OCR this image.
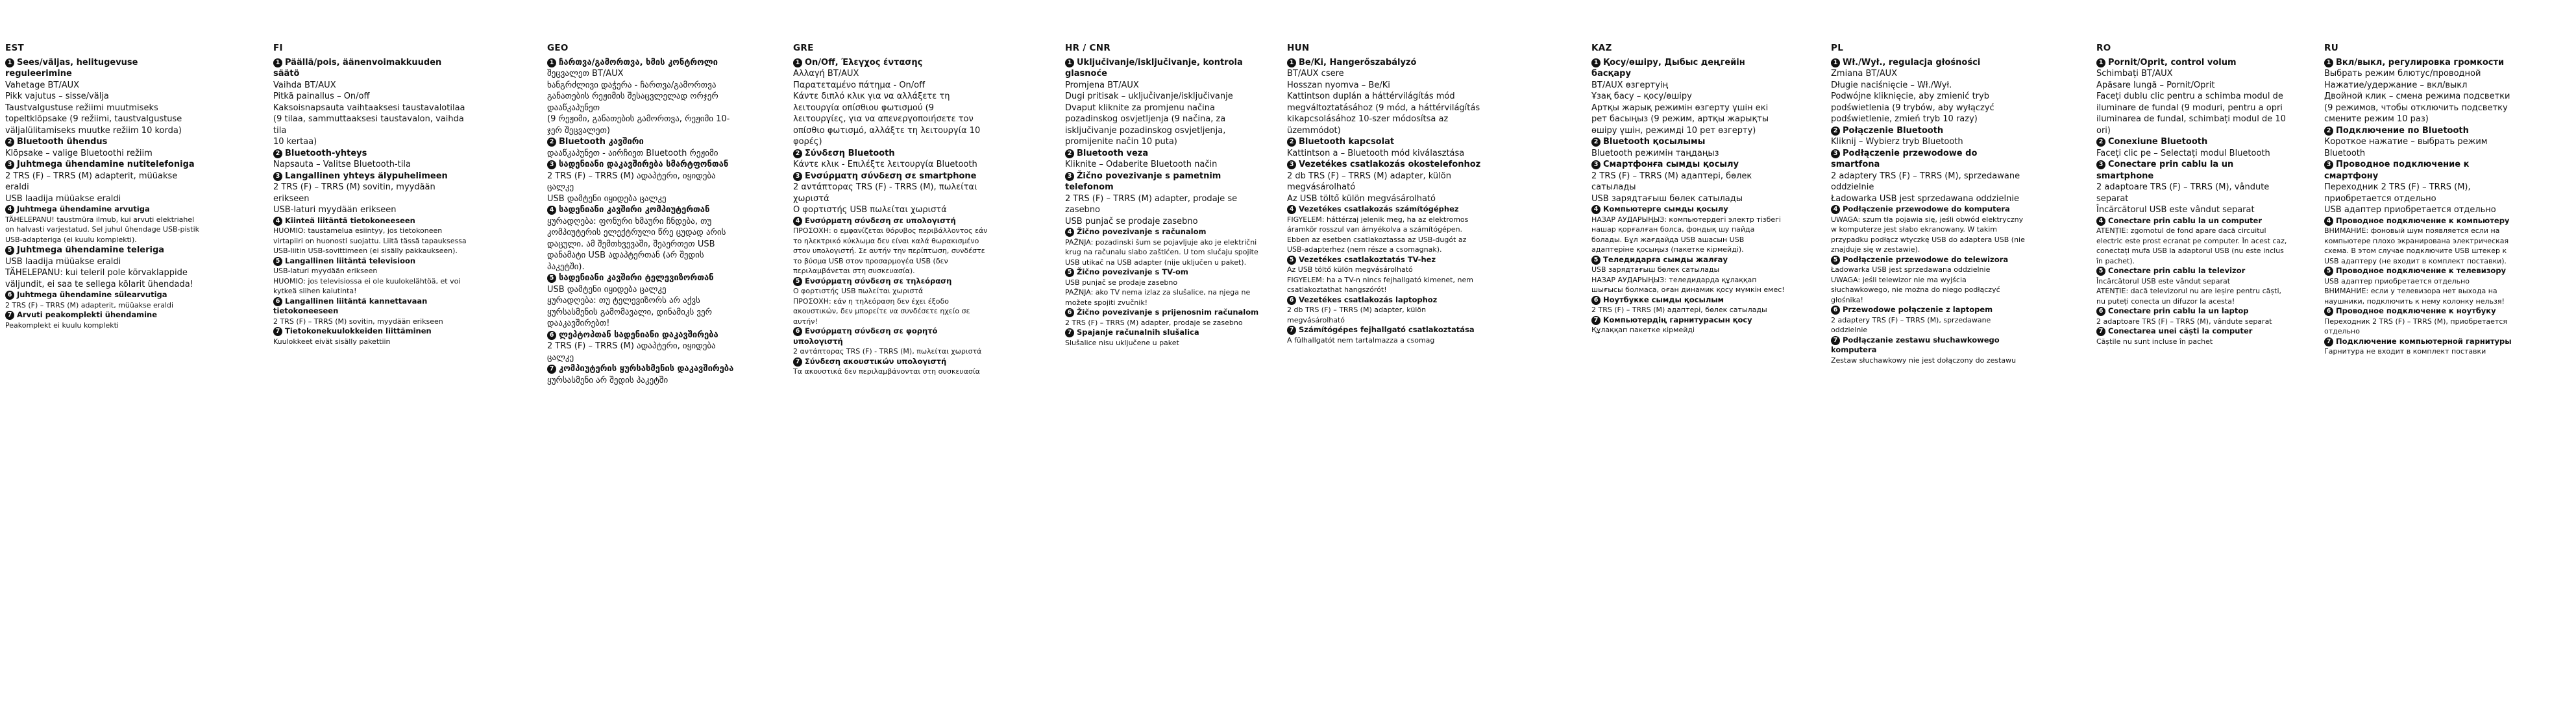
EST
1 Sees/väljas, helitugevuse reguleerimine
Vahetage BT/AUX
Pikk vajutus – sisse/välja
Taustvalgustuse režiimi muutmiseks topeltklõpsake (9 režiimi, taustvalgustuse väljalülitamiseks muutke režiim 10 korda)
2 Bluetooth ühendus
Klõpsake – valige Bluetoothi režiim
3 Juhtmega ühendamine nutitelefoniga
2 TRS (F) – TRRS (M) adapterit, müüakse eraldi
USB laadija müüakse eraldi
4 Juhtmega ühendamine arvutiga
TÄHELEPANU! taustmüra ilmub, kui arvuti elektriahel on halvasti varjestatud. Sel juhul ühendage USB-pistik USB-adapteriga (ei kuulu komplekti).
5 Juhtmega ühendamine teleriga
USB laadija müüakse eraldi
TÄHELEPANU: kui teleril pole kõrvaklappide väljundit, ei saa te sellega kõlarit ühendada!
6 Juhtmega ühendamine sülearvutiga
2 TRS (F) – TRRS (M) adapterit, müüakse eraldi
7 Arvuti peakomplekti ühendamine
Peakomplekt ei kuulu komplekti
FI
1 Päällä/pois, äänenvoimakkuuden säätö
Vaihda BT/AUX
Pitkä painallus – On/off
Kaksoisnapsauta vaihtaaksesi taustavalotilaa
(9 tilaa, sammuttaaksesi taustavalon, vaihda tila
10 kertaa)
2 Bluetooth-yhteys
Napsauta – Valitse Bluetooth-tila
3 Langallinen yhteys älypuhelimeen
2 TRS (F) – TRRS (M) sovitin, myydään erikseen
USB-laturi myydään erikseen
4 Kiinteä liitäntä tietokoneeseen
HUOMIO: taustamelua esiintyy, jos tietokoneen virtapiiri on huonosti suojattu. Liitä tässä tapauksessa USB-liitin USB-sovittimeen (ei sisälly pakkaukseen).
5 Langallinen liitäntä televisioon
USB-laturi myydään erikseen
HUOMIO: jos televisiossa ei ole kuulokelähtöä, et voi kytkeä siihen kaiutinta!
6 Langallinen liitäntä kannettavaan tietokoneeseen
2 TRS (F) – TRRS (M) sovitin, myydään erikseen
7 Tietokonekuulokkeiden liittäminen
Kuulokkeet eivät sisälly pakettiin
GEO
1 ჩართვა/გამორთვა, ხმის კონტროლი
შეცვალეთ BT/AUX
ხანგრძლივი დაჭერა - ჩართვა/გამორთვა
განათების რეჟიმის შესაცვლელად ორჯერ დააწკაპუნეთ
(9 რეჟიმი, განათების გამორთვა, რეჟიმი 10-ჯერ შეცვალეთ)
2 Bluetooth კავშირი
დააწკაპუნეთ - აირჩიეთ Bluetooth რეჟიმი
3 სადენიანი დაკავშირება სმარტფონთან
2 TRS (F) – TRRS (M) ადაპტერი, იყიდება ცალკე
USB დამტენი იყიდება ცალკე
4 სადენიანი კავშირი კომპიუტერთან
ყურადღება: ფონური ხმაური ჩნდება, თუ კომპიუტერის ელექტრული წრე ცუდად არის დაცული. ამ შემთხვევაში, შეაერთეთ USB დანამატი USB ადაპტერთან (არ შედის პაკეტში).
5 სადენიანი კავშირი ტელევიზორთან
USB დამტენი იყიდება ცალკე
ყურადღება: თუ ტელევიზორს არ აქვს ყურსასმენის გამომავალი, დინამიკს ვერ დააკავშირებთ!
6 ლეპტოპთან სადენიანი დაკავშირება
2 TRS (F) – TRRS (M) ადაპტერი, იყიდება ცალკე
7 კომპიუტერის ყურსასმენის დაკავშირება
ყურსასმენი არ შედის პაკეტში
GRE
1 On/Off, Έλεγχος έντασης
Αλλαγή BT/AUX
Παρατεταμένο πάτημα - On/off
Κάντε διπλό κλικ για να αλλάξετε τη λειτουργία οπίσθιου φωτισμού (9 λειτουργίες, για να απενεργοποιήσετε τον οπίσθιο φωτισμό, αλλάξτε τη λειτουργία 10 φορές)
2 Σύνδεση Bluetooth
Κάντε κλικ - Επιλέξτε λειτουργία Bluetooth
3 Ενσύρματη σύνδεση σε smartphone
2 αντάπτορας TRS (F) - TRRS (M), πωλείται χωριστά
Ο φορτιστής USB πωλείται χωριστά
4 Ενσύρματη σύνδεση σε υπολογιστή
ΠΡΟΣΟΧΗ: ο εμφανίζεται θόρυβος περιβάλλοντος εάν το ηλεκτρικό κύκλωμα δεν είναι καλά θωρακισμένο στον υπολογιστή. Σε αυτήν την περίπτωση, συνδέστε το βύσμα USB στον προσαρμογέα USB (δεν περιλαμβάνεται στη συσκευασία).
5 Ενσύρματη σύνδεση σε τηλεόραση
Ο φορτιστής USB πωλείται χωριστά
ΠΡΟΣΟΧΗ: εάν η τηλεόραση δεν έχει έξοδο ακουστικών, δεν μπορείτε να συνδέσετε ηχείο σε αυτήν!
6 Ενσύρματη σύνδεση σε φορητό υπολογιστή
2 αντάπτορας TRS (F) - TRRS (M), πωλείται χωριστά
7 Σύνδεση ακουστικών υπολογιστή
Τα ακουστικά δεν περιλαμβάνονται στη συσκευασία
HR / CNR
1 Uključivanje/isključivanje, kontrola glasnoće
Promjena BT/AUX
Dugi pritisak – uključivanje/isključivanje
Dvaput kliknite za promjenu načina pozadinskog osvjetljenja (9 načina, za isključivanje pozadinskog osvjetljenja, promijenite način 10 puta)
2 Bluetooth veza
Kliknite – Odaberite Bluetooth način
3 Žično povezivanje s pametnim telefonom
2 TRS (F) – TRRS (M) adapter, prodaje se zasebno
USB punjač se prodaje zasebno
4 Žično povezivanje s računalom
PAŽNJA: pozadinski šum se pojavljuje ako je električni krug na računalu slabo zaštićen. U tom slučaju spojite USB utikač na USB adapter (nije uključen u paket).
5 Žično povezivanje s TV-om
USB punjač se prodaje zasebno
PAŽNJA: ako TV nema izlaz za slušalice, na njega ne možete spojiti zvučnik!
6 Žično povezivanje s prijenosnim računalom
2 TRS (F) – TRRS (M) adapter, prodaje se zasebno
7 Spajanje računalnih slušalica
Slušalice nisu uključene u paket
HUN
1 Be/Ki, Hangerőszabályzó
BT/AUX csere
Hosszan nyomva – Be/Ki
Kattintson duplán a háttérvilágítás mód megváltoztatásához (9 mód, a háttérvilágítás kikapcsolásához 10-szer módosítsa az üzemmódot)
2 Bluetooth kapcsolat
Kattintson a – Bluetooth mód kiválasztása
3 Vezetékes csatlakozás okostelefonhoz
2 db TRS (F) – TRRS (M) adapter, külön megvásárolható
Az USB töltő külön megvásárolható
4 Vezetékes csatlakozás számítógéphez
FIGYELEM: háttérzaj jelenik meg, ha az elektromos áramkör rosszul van árnyékolva a számítógépen. Ebben az esetben csatlakoztassa az USB-dugót az USB-adapterhez (nem része a csomagnak).
5 Vezetékes csatlakoztatás TV-hez
Az USB töltő külön megvásárolható
FIGYELEM: ha a TV-n nincs fejhallgató kimenet, nem csatlakoztathat hangszórót!
6 Vezetékes csatlakozás laptophoz
2 db TRS (F) – TRRS (M) adapter, külön megvásárolható
7 Számítógépes fejhallgató csatlakoztatása
A fülhallgatót nem tartalmazza a csomag
KAZ
1 Қосу/өшіру, Дыбыс деңгейін басқару
BT/AUX өзгертуің
Ұзақ басу – қосу/өшіру
Артқы жарық режимін өзгерту үшін екі рет басыңыз (9 режим, артқы жарықты өшіру үшін, режимді 10 рет өзгерту)
2 Bluetooth қосылымы
Bluetooth режимін таңдаңыз
3 Смартфонға сымды қосылу
2 TRS (F) – TRRS (M) адаптері, бөлек сатылады
USB зарядтағыш бөлек сатылады
4 Компьютерге сымды қосылу
НАЗАР АУДАРЫҢЫЗ: компьютердегі электр тізбегі нашар қорғалған болса, фондық шу пайда болады. Бұл жағдайда USB ашасын USB адаптеріне қосыңыз (пакетке кірмейді).
5 Теледидарға сымды жалғау
USB зарядтағыш бөлек сатылады
НАЗАР АУДАРЫҢЫЗ: теледидарда құлаққап шығысы болмаса, оған динамик қосу мүмкін емес!
6 Ноутбукке сымды қосылым
2 TRS (F) – TRRS (M) адаптері, бөлек сатылады
7 Компьютердің гарнитурасын қосу
Құлаққап пакетке кірмейді
PL
1 Wł./Wył., regulacja głośności
Zmiana BT/AUX
Długie naciśnięcie – Wł./Wył.
Podwójne kliknięcie, aby zmienić tryb podświetlenia (9 trybów, aby wyłączyć podświetlenie, zmień tryb 10 razy)
2 Połączenie Bluetooth
Kliknij – Wybierz tryb Bluetooth
3 Podłączenie przewodowe do smartfona
2 adaptery TRS (F) – TRRS (M), sprzedawane oddzielnie
Ładowarka USB jest sprzedawana oddzielnie
4 Podłączenie przewodowe do komputera
UWAGA: szum tła pojawia się, jeśli obwód elektryczny w komputerze jest słabo ekranowany. W takim przypadku podłącz wtyczkę USB do adaptera USB (nie znajduje się w zestawie).
5 Podłączenie przewodowe do telewizora
Ładowarka USB jest sprzedawana oddzielnie
UWAGA: jeśli telewizor nie ma wyjścia słuchawkowego, nie można do niego podłączyć głośnika!
6 Przewodowe połączenie z laptopem
2 adaptery TRS (F) – TRRS (M), sprzedawane oddzielnie
7 Podłączanie zestawu słuchawkowego komputera
Zestaw słuchawkowy nie jest dołączony do zestawu
RO
1 Pornit/Oprit, control volum
Schimbați BT/AUX
Apăsare lungă – Pornit/Oprit
Faceți dublu clic pentru a schimba modul de iluminare de fundal (9 moduri, pentru a opri iluminarea de fundal, schimbați modul de 10 ori)
2 Conexiune Bluetooth
Faceți clic pe – Selectați modul Bluetooth
3 Conectare prin cablu la un smartphone
2 adaptoare TRS (F) – TRRS (M), vândute separat
Încărcătorul USB este vândut separat
4 Conectare prin cablu la un computer
ATENȚIE: zgomotul de fond apare dacă circuitul electric este prost ecranat pe computer. În acest caz, conectați mufa USB la adaptorul USB (nu este inclus în pachet).
5 Conectare prin cablu la televizor
Încărcătorul USB este vândut separat
ATENȚIE: dacă televizorul nu are ieșire pentru căști, nu puteți conecta un difuzor la acesta!
6 Conectare prin cablu la un laptop
2 adaptoare TRS (F) – TRRS (M), vândute separat
7 Conectarea unei căști la computer
Căștile nu sunt incluse în pachet
RU
1 Вкл/выкл, регулировка громкости
Выбрать режим блютус/проводной
Нажатие/удержание – вкл/выкл
Двойной клик – смена режима подсветки (9 режимов, чтобы отключить подсветку смените режим 10 раз)
2 Подключение по Bluetooth
Короткое нажатие – выбрать режим Bluetooth
3 Проводное подключение к смартфону
Переходник 2 TRS (F) – TRRS (M), приобретается отдельно
USB адаптер приобретается отдельно
4 Проводное подключение к компьютеру
ВНИМАНИЕ: фоновый шум появляется если на компьютере плохо экранирована электрическая схема. В этом случае подключите USB штекер к USB адаптеру (не входит в комплект поставки).
5 Проводное подключение к телевизору
USB адаптер приобретается отдельно
ВНИМАНИЕ: если у телевизора нет выхода на наушники, подключить к нему колонку нельзя!
6 Проводное подключение к ноутбуку
Переходник 2 TRS (F) – TRRS (M), приобретается отдельно
7 Подключение компьютерной гарнитуры
Гарнитура не входит в комплект поставки
